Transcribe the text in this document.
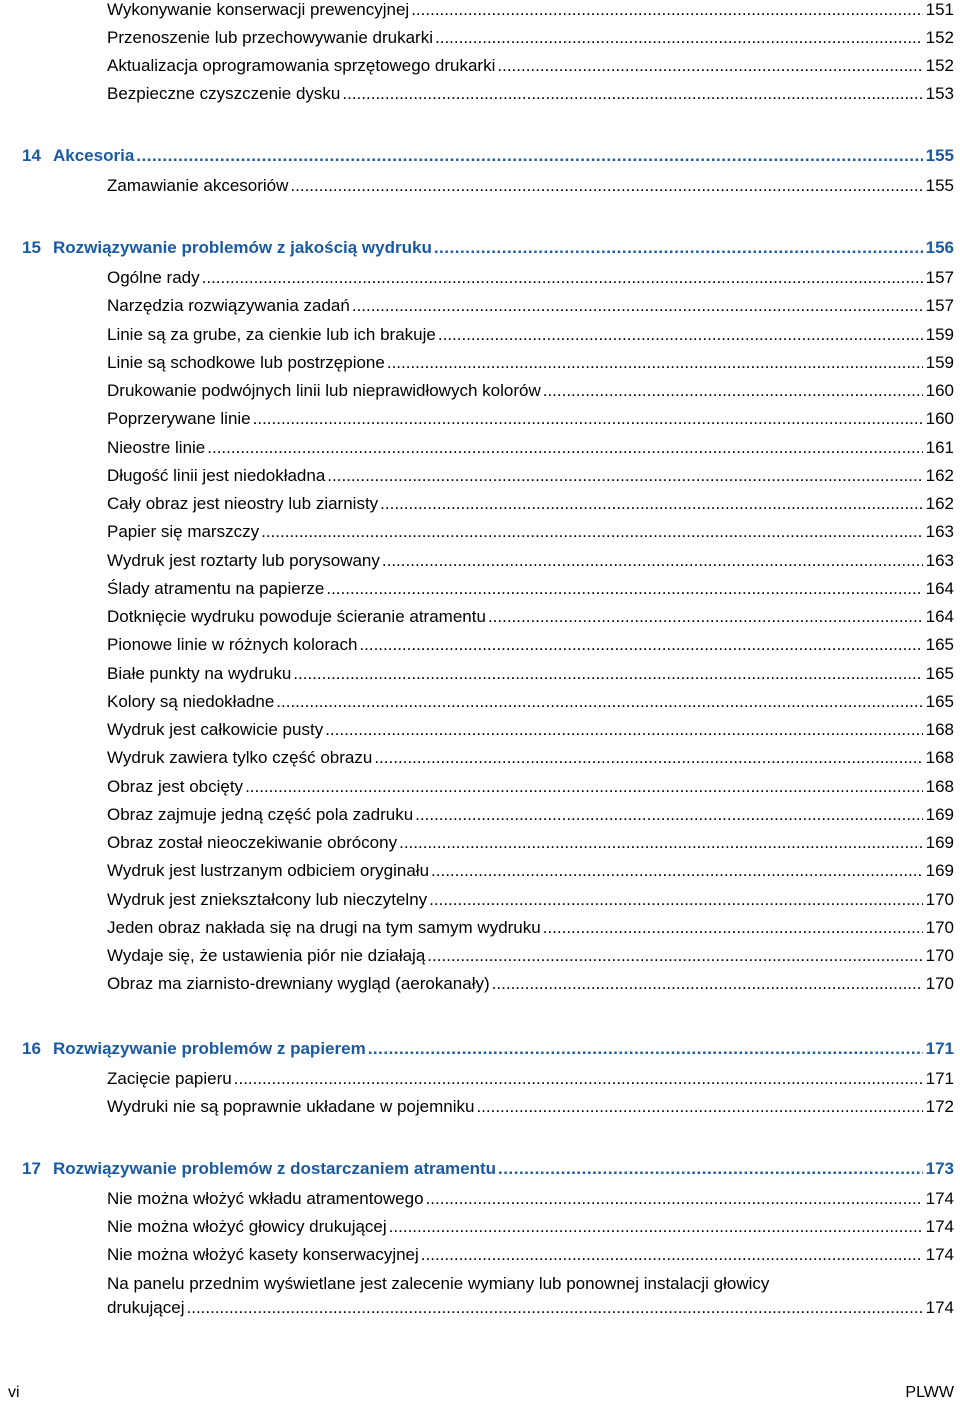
Wykonywanie konserwacji prewencyjnej .....	151
Przenoszenie lub przechowywanie drukarki .....	152
Aktualizacja oprogramowania sprzętowego drukarki .....	152
Bezpieczne czyszczenie dysku .....	153
14 Akcesoria .....	155
Zamawianie akcesoriów .....	155
15 Rozwiązywanie problemów z jakością wydruku .....	156
Ogólne rady .....	157
Narzędzia rozwiązywania zadań .....	157
Linie są za grube, za cienkie lub ich brakuje .....	159
Linie są schodkowe lub postrzępione .....	159
Drukowanie podwójnych linii lub nieprawidłowych kolorów .....	160
Poprzerywane linie .....	160
Nieostre linie .....	161
Długość linii jest niedokładna .....	162
Cały obraz jest nieostry lub ziarnisty .....	162
Papier się marszczy .....	163
Wydruk jest roztarty lub porysowany .....	163
Ślady atramentu na papierze .....	164
Dotknięcie wydruku powoduje ścieranie atramentu .....	164
Pionowe linie w różnych kolorach .....	165
Białe punkty na wydruku .....	165
Kolory są niedokładne .....	165
Wydruk jest całkowicie pusty .....	168
Wydruk zawiera tylko część obrazu .....	168
Obraz jest obcięty .....	168
Obraz zajmuje jedną część pola zadruku .....	169
Obraz został nieoczekiwanie obrócony .....	169
Wydruk jest lustrzanym odbiciem oryginału .....	169
Wydruk jest zniekształcony lub nieczytelny .....	170
Jeden obraz nakłada się na drugi na tym samym wydruku .....	170
Wydaje się, że ustawienia piór nie działają .....	170
Obraz ma ziarnisto-drewniany wygląd (aerokanały) .....	170
16 Rozwiązywanie problemów z papierem .....	171
Zacięcie papieru .....	171
Wydruki nie są poprawnie układane w pojemniku .....	172
17 Rozwiązywanie problemów z dostarczaniem atramentu .....	173
Nie można włożyć wkładu atramentowego .....	174
Nie można włożyć głowicy drukującej .....	174
Nie można włożyć kasety konserwacyjnej .....	174
Na panelu przednim wyświetlane jest zalecenie wymiany lub ponownej instalacji głowicy
drukującej .....	174
vi	PLWW
